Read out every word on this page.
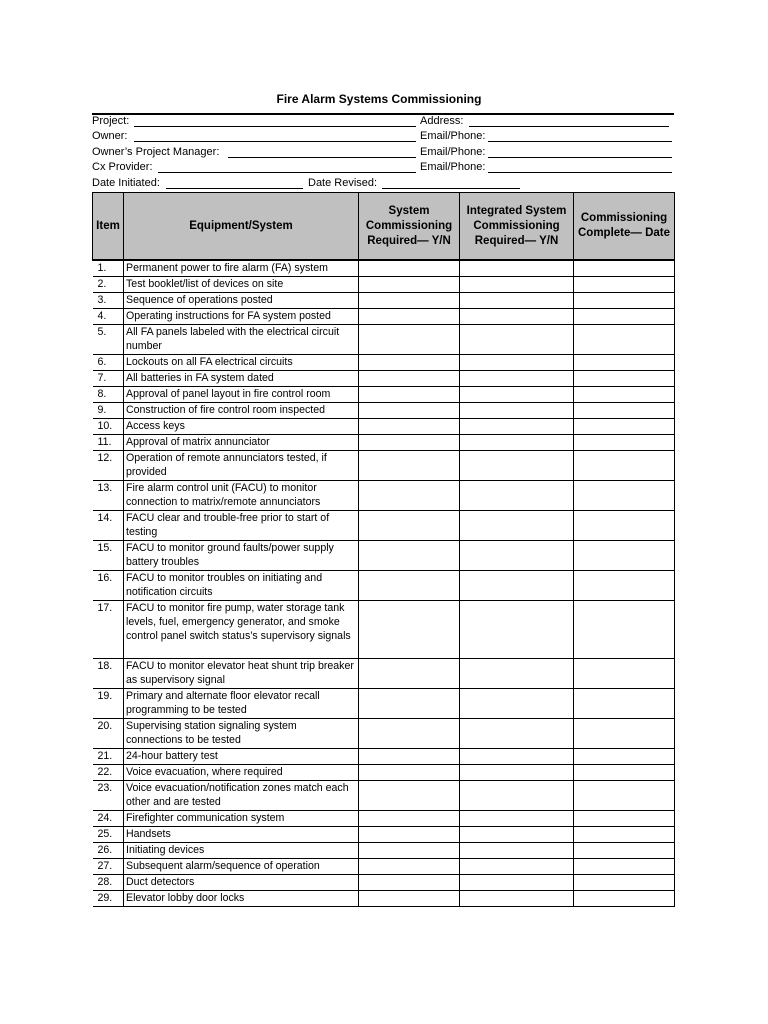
Fire Alarm Systems Commissioning
Project:	Address:
Owner:	Email/Phone:
Owner’s Project Manager:	Email/Phone:
Cx Provider:	Email/Phone:
Date Initiated:	Date Revised:
Item	Equipment/System	System Commissioning Required— Y/N	Integrated System Commissioning Required— Y/N	Commissioning Complete— Date
1.	Permanent power to fire alarm (FA) system			
2.	Test booklet/list of devices on site			
3.	Sequence of operations posted			
4.	Operating instructions for FA system posted			
5.	All FA panels labeled with the electrical circuit number			
6.	Lockouts on all FA electrical circuits			
7.	All batteries in FA system dated			
8.	Approval of panel layout in fire control room			
9.	Construction of fire control room inspected			
10.	Access keys			
11.	Approval of matrix annunciator			
12.	Operation of remote annunciators tested, if provided			
13.	Fire alarm control unit (FACU) to monitor connection to matrix/remote annunciators			
14.	FACU clear and trouble-free prior to start of testing			
15.	FACU to monitor ground faults/power supply battery troubles			
16.	FACU to monitor troubles on initiating and notification circuits			
17.	FACU to monitor fire pump, water storage tank levels, fuel, emergency generator, and smoke control panel switch status’s supervisory signals			
18.	FACU to monitor elevator heat shunt trip breaker as supervisory signal			
19.	Primary and alternate floor elevator recall programming to be tested			
20.	Supervising station signaling system connections to be tested			
21.	24-hour battery test			
22.	Voice evacuation, where required			
23.	Voice evacuation/notification zones match each other and are tested			
24.	Firefighter communication system			
25.	Handsets			
26.	Initiating devices			
27.	Subsequent alarm/sequence of operation			
28.	Duct detectors			
29.	Elevator lobby door locks			
